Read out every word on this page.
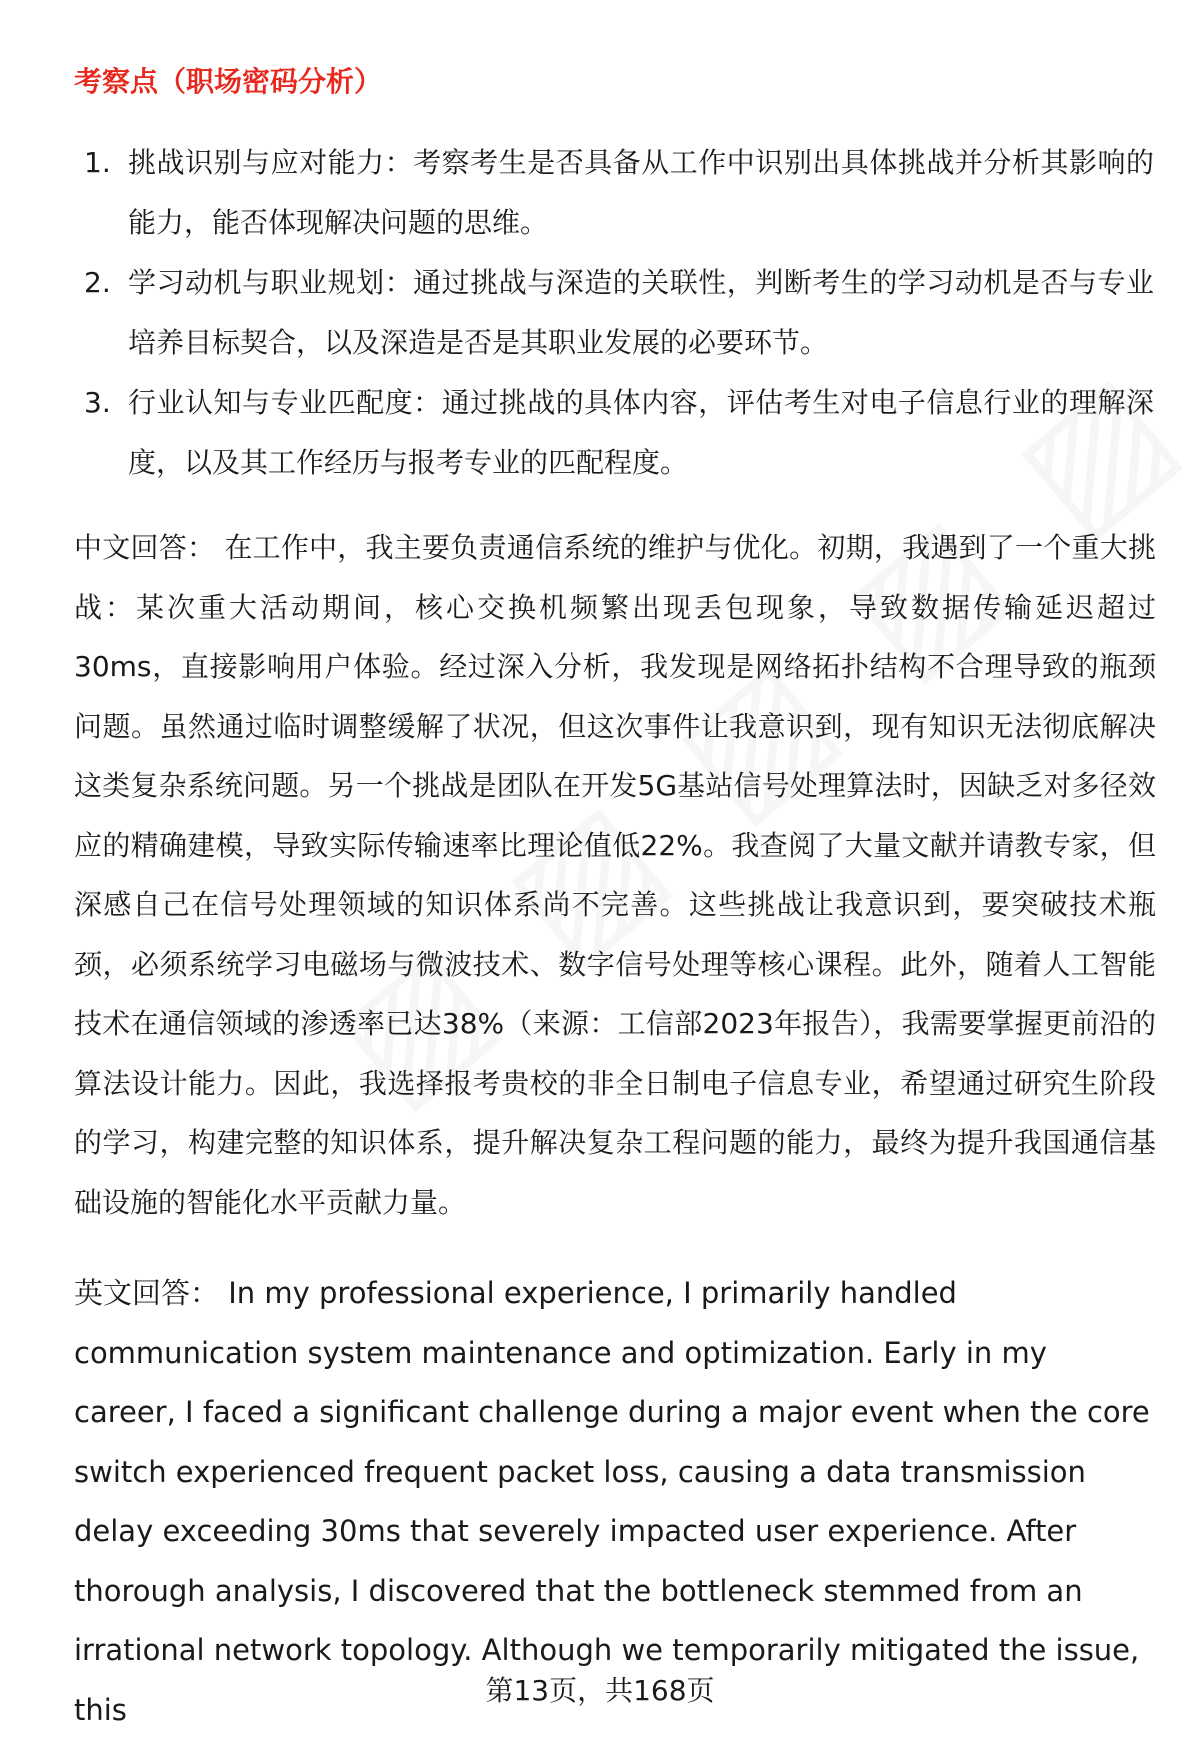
考察点（职场密码分析）
1. 挑战识别与应对能力：考察考生是否具备从工作中识别出具体挑战并分析其影响的能力，能否体现解决问题的思维。
2. 学习动机与职业规划：通过挑战与深造的关联性，判断考生的学习动机是否与专业培养目标契合，以及深造是否是其职业发展的必要环节。
3. 行业认知与专业匹配度：通过挑战的具体内容，评估考生对电子信息行业的理解深度，以及其工作经历与报考专业的匹配程度。

中文回答： 在工作中，我主要负责通信系统的维护与优化。初期，我遇到了一个重大挑战：某次重大活动期间，核心交换机频繁出现丢包现象，导致数据传输延迟超过30ms，直接影响用户体验。经过深入分析，我发现是网络拓扑结构不合理导致的瓶颈问题。虽然通过临时调整缓解了状况，但这次事件让我意识到，现有知识无法彻底解决这类复杂系统问题。另一个挑战是团队在开发5G基站信号处理算法时，因缺乏对多径效应的精确建模，导致实际传输速率比理论值低22%。我查阅了大量文献并请教专家，但深感自己在信号处理领域的知识体系尚不完善。这些挑战让我意识到，要突破技术瓶颈，必须系统学习电磁场与微波技术、数字信号处理等核心课程。此外，随着人工智能技术在通信领域的渗透率已达38%（来源：工信部2023年报告），我需要掌握更前沿的算法设计能力。因此，我选择报考贵校的非全日制电子信息专业，希望通过研究生阶段的学习，构建完整的知识体系，提升解决复杂工程问题的能力，最终为提升我国通信基础设施的智能化水平贡献力量。

英文回答： In my professional experience, I primarily handled communication system maintenance and optimization. Early in my career, I faced a significant challenge during a major event when the core switch experienced frequent packet loss, causing a data transmission delay exceeding 30ms that severely impacted user experience. After thorough analysis, I discovered that the bottleneck stemmed from an irrational network topology. Although we temporarily mitigated the issue, this

第13页，共168页
